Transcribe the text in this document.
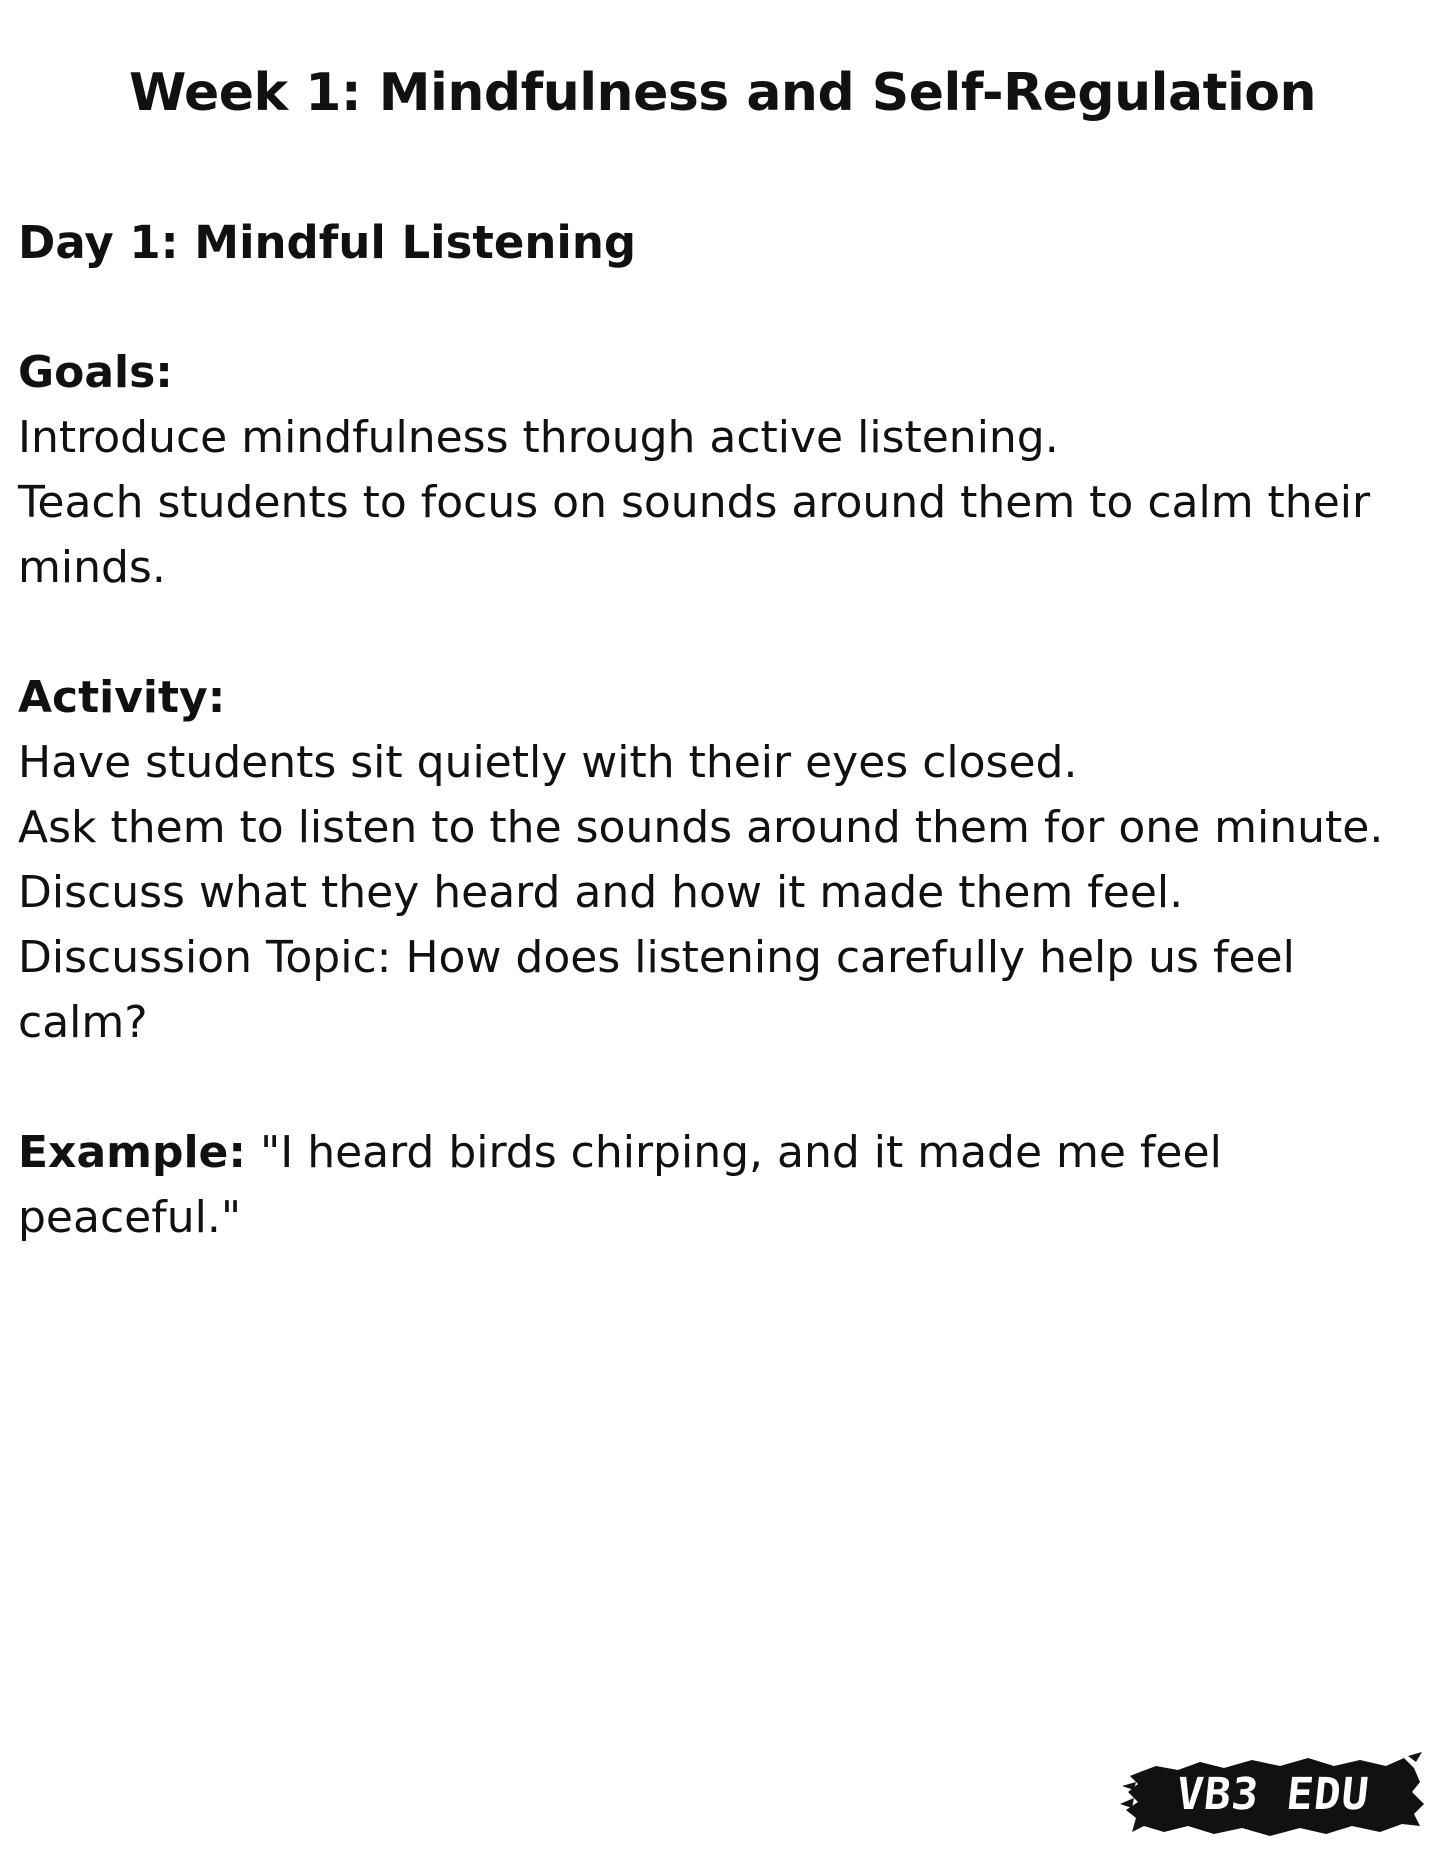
Week 1: Mindfulness and Self-Regulation

Day 1: Mindful Listening

Goals:

Introduce mindfulness through active listening.

Teach students to focus on sounds around them to calm their minds.

Activity:

Have students sit quietly with their eyes closed.

Ask them to listen to the sounds around them for one minute.

Discuss what they heard and how it made them feel.

Discussion Topic: How does listening carefully help us feel calm?

Example: "I heard birds chirping, and it made me feel peaceful."

VB3 EDU
